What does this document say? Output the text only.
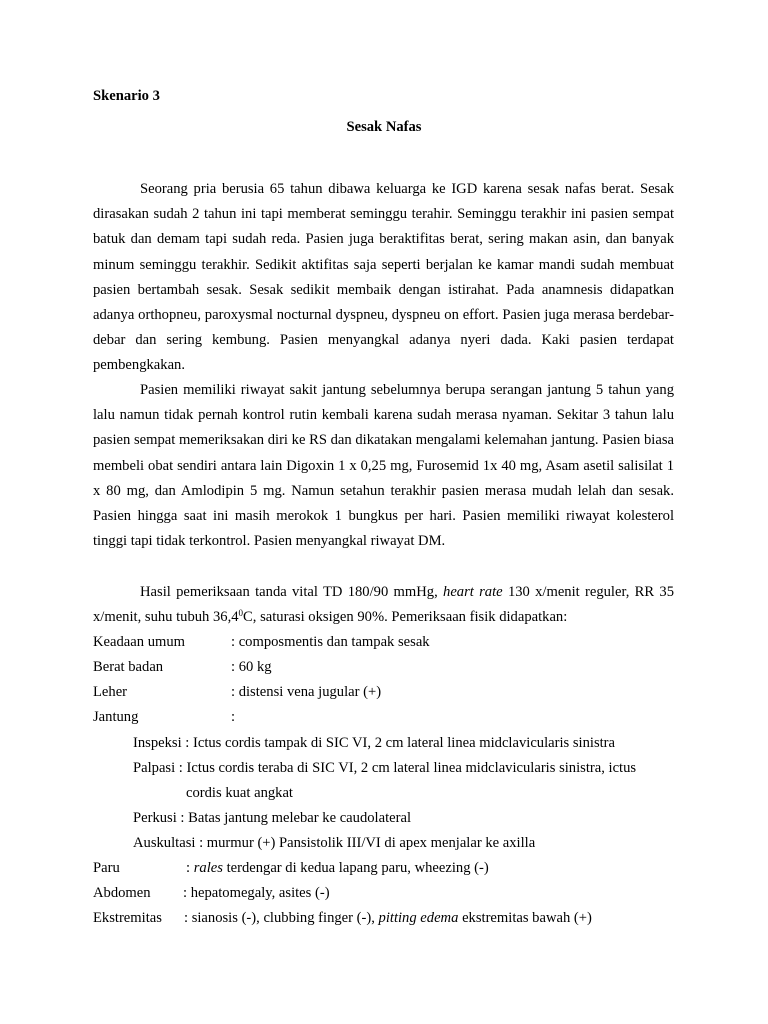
Skenario 3
Sesak Nafas
Seorang pria berusia 65 tahun dibawa keluarga ke IGD karena sesak nafas berat. Sesak dirasakan sudah 2 tahun ini tapi memberat seminggu terahir. Seminggu terakhir ini pasien sempat batuk dan demam tapi sudah reda. Pasien juga beraktifitas berat, sering makan asin, dan banyak minum seminggu terakhir. Sedikit aktifitas saja seperti berjalan ke kamar mandi sudah membuat pasien bertambah sesak. Sesak sedikit membaik dengan istirahat. Pada anamnesis didapatkan adanya orthopneu, paroxysmal nocturnal dyspneu, dyspneu on effort. Pasien juga merasa berdebar-debar dan sering kembung. Pasien menyangkal adanya nyeri dada. Kaki pasien terdapat pembengkakan.
Pasien memiliki riwayat sakit jantung sebelumnya berupa serangan jantung 5 tahun yang lalu namun tidak pernah kontrol rutin kembali karena sudah merasa nyaman. Sekitar 3 tahun lalu pasien sempat memeriksakan diri ke RS dan dikatakan mengalami kelemahan jantung. Pasien biasa membeli obat sendiri antara lain Digoxin 1 x 0,25 mg, Furosemid 1x 40 mg, Asam asetil salisilat 1 x 80 mg, dan Amlodipin 5 mg. Namun setahun terakhir pasien merasa mudah lelah dan sesak. Pasien hingga saat ini masih merokok 1 bungkus per hari. Pasien memiliki riwayat kolesterol tinggi tapi tidak terkontrol. Pasien menyangkal riwayat DM.
Hasil pemeriksaan tanda vital TD 180/90 mmHg, heart rate 130 x/menit reguler, RR 35 x/menit, suhu tubuh 36,4$^0$C, saturasi oksigen 90%. Pemeriksaan fisik didapatkan:
Keadaan umum	: composmentis dan tampak sesak
Berat badan	: 60 kg
Leher	: distensi vena jugular (+)
Jantung	:
Inspeksi : Ictus cordis tampak di SIC VI, 2 cm lateral linea midclavicularis sinistra
Palpasi : Ictus cordis teraba di SIC VI, 2 cm lateral linea midclavicularis sinistra, ictus
cordis kuat angkat
Perkusi : Batas jantung melebar ke caudolateral
Auskultasi : murmur (+) Pansistolik III/VI di apex menjalar ke axilla
Paru	: rales terdengar di kedua lapang paru, wheezing (-)
Abdomen : hepatomegaly, asites (-)
Ekstremitas : sianosis (-), clubbing finger (-), pitting edema ekstremitas bawah (+)
